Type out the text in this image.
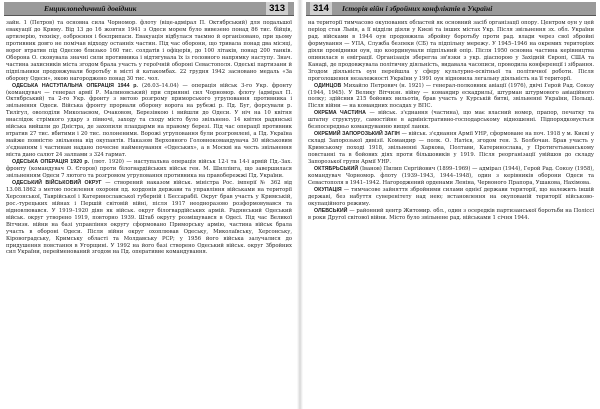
Енциклопедичний довідник	313

зайн. 1 (Петров) та основна сила Чорномор. флоту (віце-адмірал П. Октябрський) для подальшої евакуації до Криму. Від 13 до 16 жовтня 1941 з Одеси морем було вивезено понад 86 тис. бійців, артилерію, техніку, озброєння і боєприпаси. Евакуація відбулася таємно й організовано, при цьому противник довго не помічав відходу останніх частин. Під час оборони, що тривала понад два місяці, ворог втратив під Одесою близько 160 тис. солдатів і офіцерів, до 100 літаків, понад 200 танків. Оборона О. сковувала значні сили противника і відтягувала їх із головного напрямку наступу. Знач. частина захисників міста згодом брала участь у героїчній обороні Севастополя. Одеські партизани й підпільники продовжували боротьбу в місті й катакомбах. 22 грудня 1942 засновано медаль «За оборону Одеси», якою нагороджено понад 30 тис. чол.

ОДЕСЬКА НАСТУПАЛЬНА ОПЕРАЦІЯ 1944 р. (26.03–14.04) — операція військ 3-го Укр. фронту (командувач — генерал армії Р. Малиновський) при сприянні сил Чорномор. флоту (адмірал П. Октябрський) та 2-го Укр. фронту з метою розгрому приморського угруповання противника і звільнення Одеси. Війська фронту прорвали оборону ворога на рубежі р. Пд. Буг, форсували р. Тилігул, оволоділи Миколаєвом, Очаковом, Березівкою і вийшли до Одеси. У ніч на 10 квітня внаслідок стрімкого удару з півночі, заходу та сходу місто було звільнено. 14 квітня радянські війська вийшли до Дністра, де захопили плацдарми на правому березі. Під час операції противник втратив 27 тис. вбитими і 20 тис. полоненими. Ворожі угруповання були розгромлені, а Пд. Україна майже повністю звільнена від окупантів. Наказом Верховного Головнокомандувача 30 військовим з'єднанням і частинам надано почесне найменування «Одеських», а в Москві на честь звільнення міста дано салют 24 залпами з 324 гармат.

ОДЕСЬКА ОПЕРАЦІЯ 1920 р. (лют. 1920) — наступальна операція військ 12-ї та 14-ї армій Пд.-Зах. фронту (командувач О. Єгоров) проти білогвардійських військ ген. М. Шиллінга, що завершилася звільненням Одеси 7 лютого та розгромом угруповання противника на правобережжі Пд. України.

ОДЕСЬКИЙ ВІЙСЬКОВИЙ ОКРУГ — створений наказом військ. міністра Рос. імперії № 362 від 13.08.1862 з метою посилення охорони пд. кордонів держави та управління військами на території Херсонської, Таврійської і Катеринославської губерній і Бессарабії. Округ брав участь у Кримській, рос.-турецьких війнах і Першій світовій війні, після 1917 неодноразово розформовувався та відновлювався. У 1919–1920 діяв як військ. округ білогвардійських армій. Радянський Одеський військ. округ утворено 1919, повторно 1939. Штаб округу розміщувався в Одесі. Під час Великої Вітчизн. війни на базі управління округу сформовано Приморську армію, частина військ брала участь в обороні Одеси. Після війни округ охоплював Одеську, Миколаївську, Херсонську, Кіровоградську, Кримську області та Молдавську РСР; у 1956 його війська залучалися до придушення повстання в Угорщині. У 1992 на його базі створено Одеський військ. округ Збройних сил України, перейменований згодом на Пд. оперативне командування.

314	Історія війн і збройних конфліктів в Україні

на території тимчасово окупованих областей як основний засіб організації опору. Центром оун у цей період став Львів, а її відділи діяли у Києві та інших містах Укр. Після звільнення зх. обл. України рад. війсками в 1944 оун продовжила збройну боротьбу проти рад. влади через свої збройні формування — УПА, Служба безпеки (СБ) та підпільну мережу. У 1945–1946 на окремих територіях діяли провідники оун, що координували підпільний опір. Після 1950 основна частина керівництва опинилася в еміграції. Організація зберегла зв'язки з укр. діаспорою у Західній Європі, США та Канаді, де продовжувала політичну діяльність, видавала часописи, проводила конференції і зібрання. Згодом діяльність оун перейшла у сферу культурно-освітньої та політичної роботи. Після проголошення незалежності України у 1991 оун відновила легальну діяльність на її території.

ОДИНЦОВ Михайло Петрович (н. 1921) — генерал-полковник авіації (1976), двічі Герой Рад. Союзу (1944, 1945). У Велику Вітчизн. війну — командир ескадрильї, штурман штурмового авіаційного полку; здійснив 215 бойових вильотів, брав участь у Курській битві, звільненні України, Польщі. Після війни — на командних посадах у ВПС.

ОКРЕМА ЧАСТИНА — військ. з'єднання (частина), що має власний номер, прапор, печатку та штатну структуру, самостійне в адміністративно-господарському відношенні. Підпорядковується безпосередньо командуванню вищої ланки.

ОКРЕМИЙ ЗАПОРОЗЬКИЙ ЗАГІН — військ. з'єднання Армії УНР, сформоване на поч. 1918 у м. Києві у складі Запорозької дивізії. Командир — полк. О. Натієв, згодом ген. З. Болбочан. Брав участь у Кримському поході 1918, звільненні Харкова, Полтави, Катеринослава, у Протигетьманському повстанні та в бойових діях проти більшовиків у 1919. Після реорганізації увійшов до складу Запорозької групи Армії УНР.

ОКТЯБРЬСЬКИЙ (Іванов) Пилип Сергійович (1899–1969) — адмірал (1944), Герой Рад. Союзу (1958), командувач Чорномор. флоту (1939–1943, 1944–1948), один з керівників оборони Одеси та Севастополя в 1941–1942. Нагороджений орденами Леніна, Червоного Прапора, Ушакова, Нахімова.

ОКУПАЦІЯ — тимчасове зайняття збройними силами однієї держави території, що належить іншій державі, без набуття суверенітету над нею; встановлення на окупованій території військово-окупаційного режиму.

ОЛЕВСЬКИЙ — районний центр Житомир. обл., один з осередків партизанської боротьби на Поліссі в роки Другої світової війни. Місто було звільнене рад. військами 1 січня 1944.
